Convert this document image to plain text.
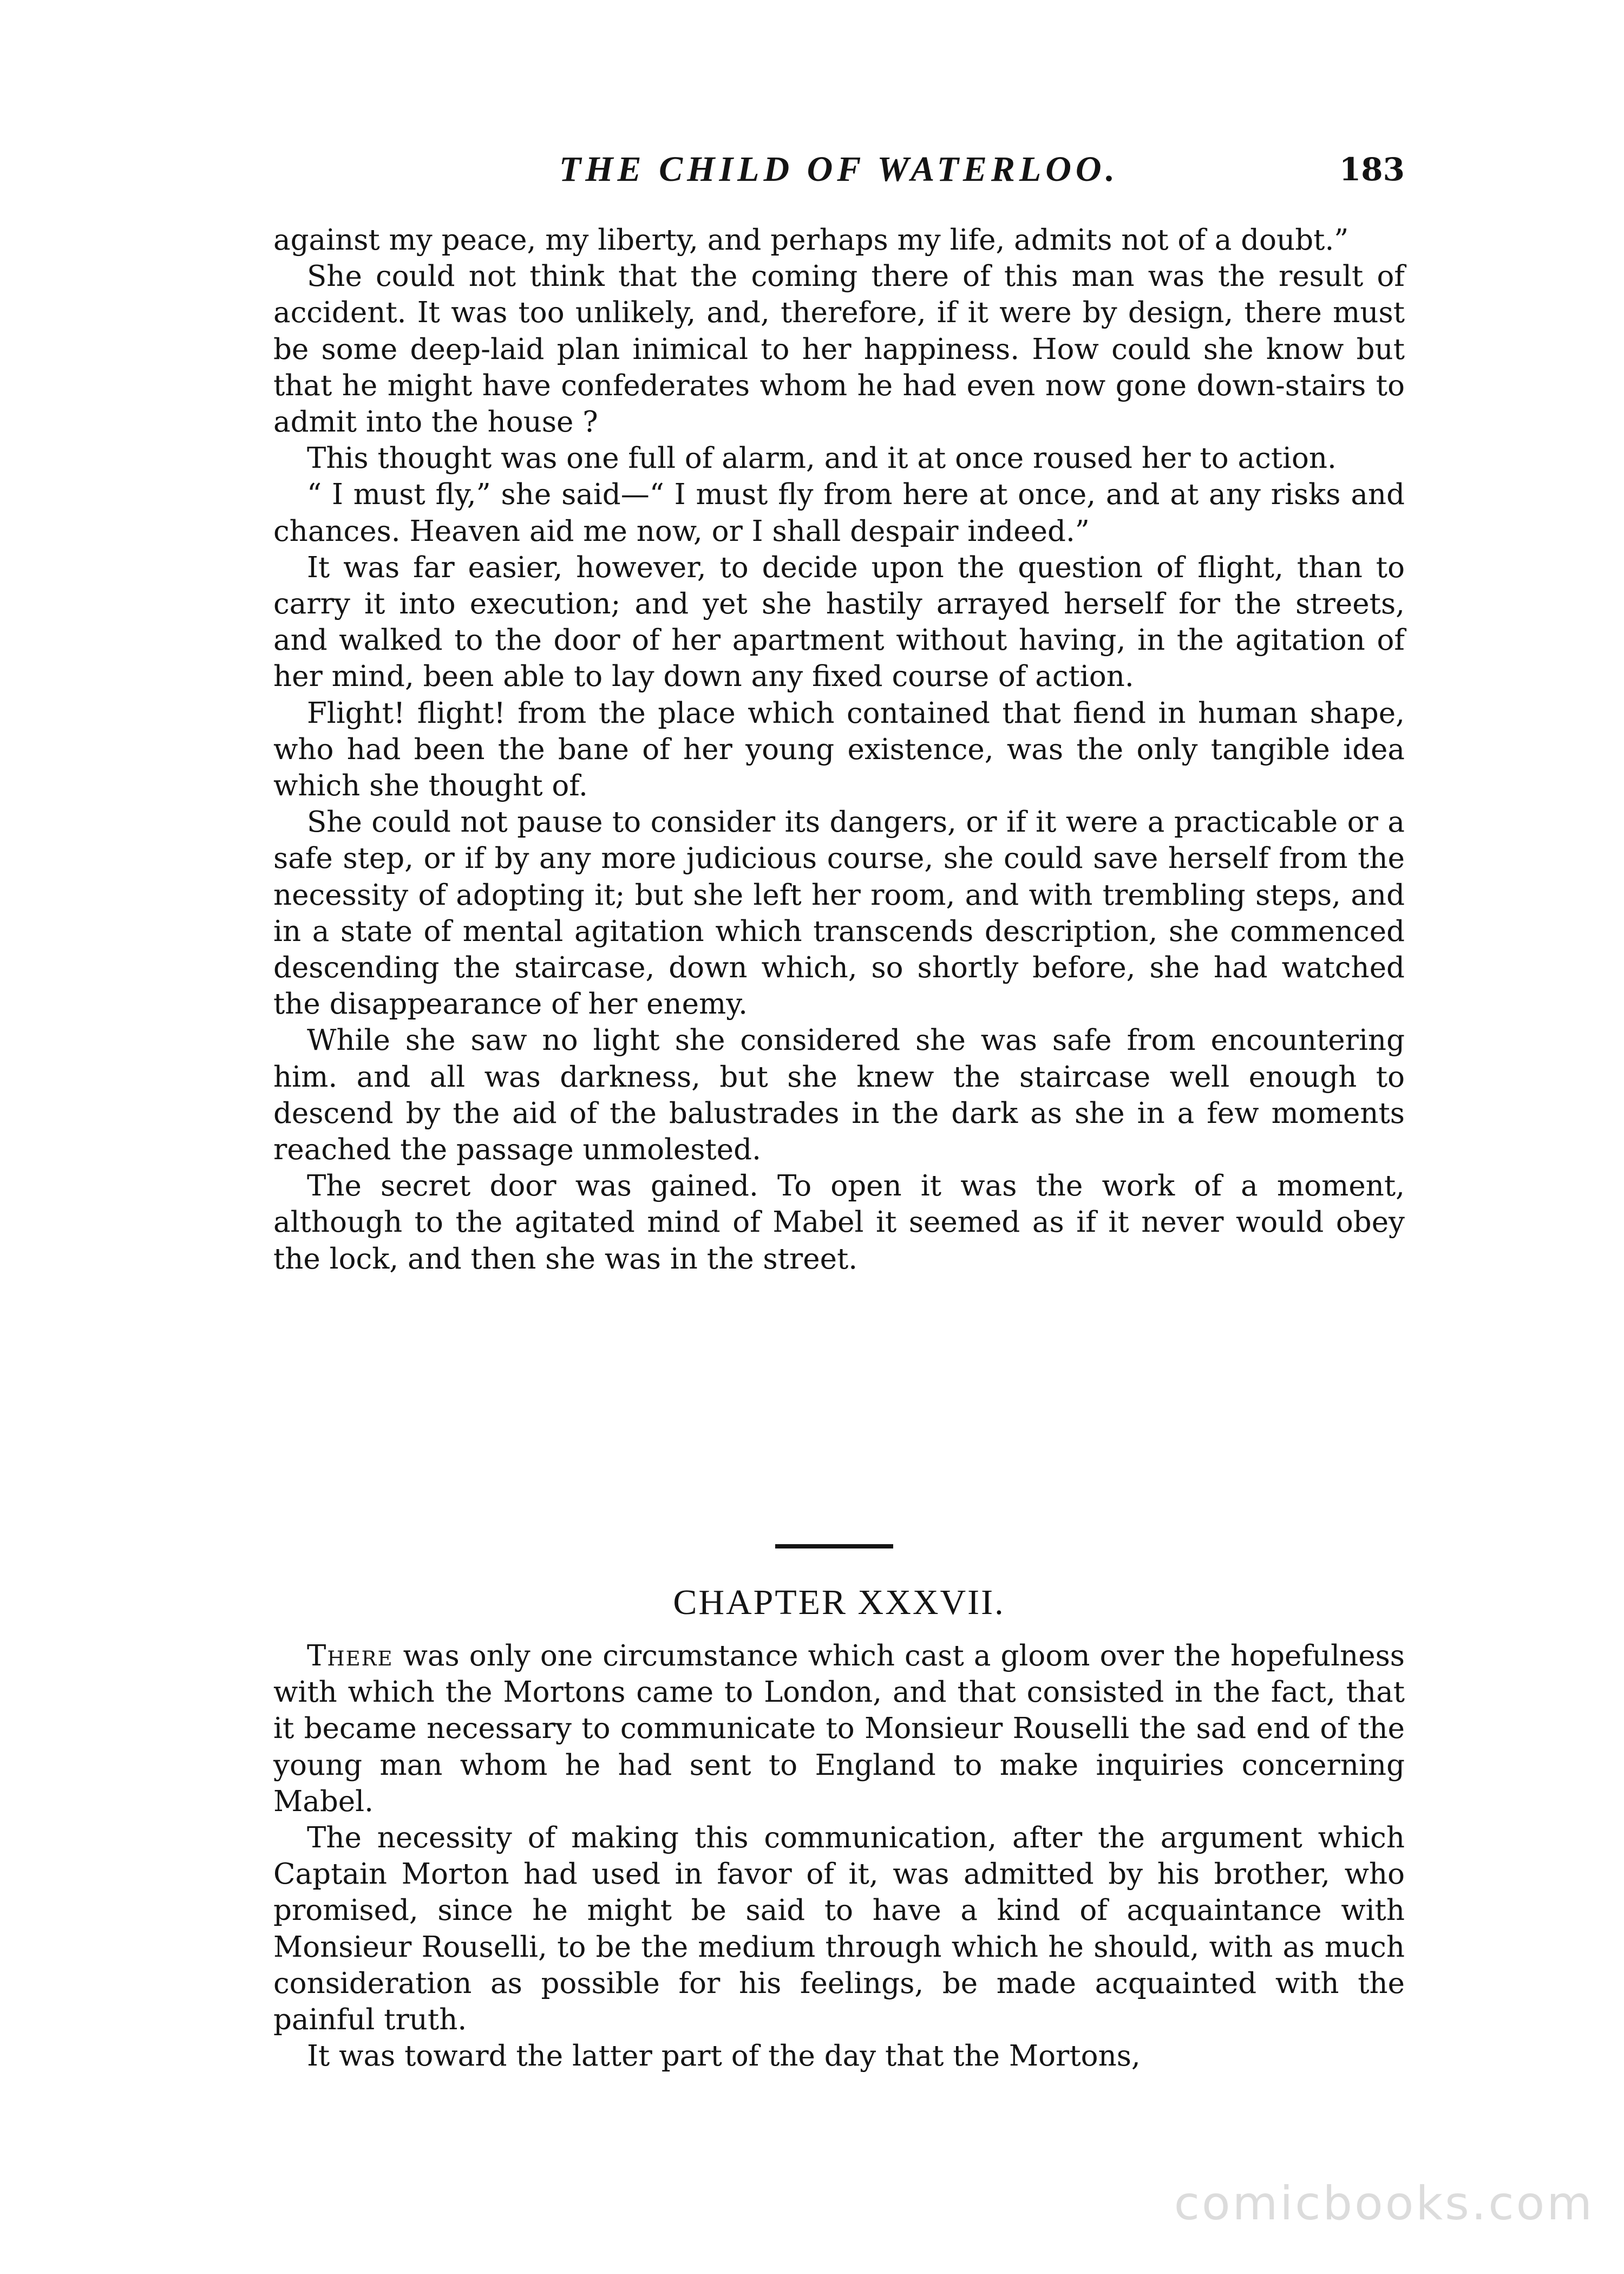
THE CHILD OF WATERLOO.	183

against my peace, my liberty, and perhaps my life, admits not of a doubt.”

She could not think that the coming there of this man was the result of accident. It was too unlikely, and, therefore, if it were by design, there must be some deep-laid plan inimical to her happiness. How could she know but that he might have confederates whom he had even now gone down-stairs to admit into the house ?

This thought was one full of alarm, and it at once roused her to action.

“ I must fly,” she said—“ I must fly from here at once, and at any risks and chances. Heaven aid me now, or I shall despair indeed.”

It was far easier, however, to decide upon the question of flight, than to carry it into execution; and yet she hastily arrayed herself for the streets, and walked to the door of her apartment without having, in the agitation of her mind, been able to lay down any fixed course of action.

Flight! flight! from the place which contained that fiend in human shape, who had been the bane of her young existence, was the only tangible idea which she thought of.

She could not pause to consider its dangers, or if it were a practicable or a safe step, or if by any more judicious course, she could save herself from the necessity of adopting it; but she left her room, and with trembling steps, and in a state of mental agitation which transcends description, she commenced descending the staircase, down which, so shortly before, she had watched the disappearance of her enemy.

While she saw no light she considered she was safe from encountering him. and all was darkness, but she knew the staircase well enough to descend by the aid of the balustrades in the dark as she in a few moments reached the passage unmolested.

The secret door was gained. To open it was the work of a moment, although to the agitated mind of Mabel it seemed as if it never would obey the lock, and then she was in the street.

CHAPTER XXXVII.

There was only one circumstance which cast a gloom over the hopefulness with which the Mortons came to London, and that consisted in the fact, that it became necessary to communicate to Monsieur Rouselli the sad end of the young man whom he had sent to England to make inquiries concerning Mabel.

The necessity of making this communication, after the argument which Captain Morton had used in favor of it, was admitted by his brother, who promised, since he might be said to have a kind of acquaintance with Monsieur Rouselli, to be the medium through which he should, with as much consideration as possible for his feelings, be made acquainted with the painful truth.

It was toward the latter part of the day that the Mortons,

comicbooks.com
